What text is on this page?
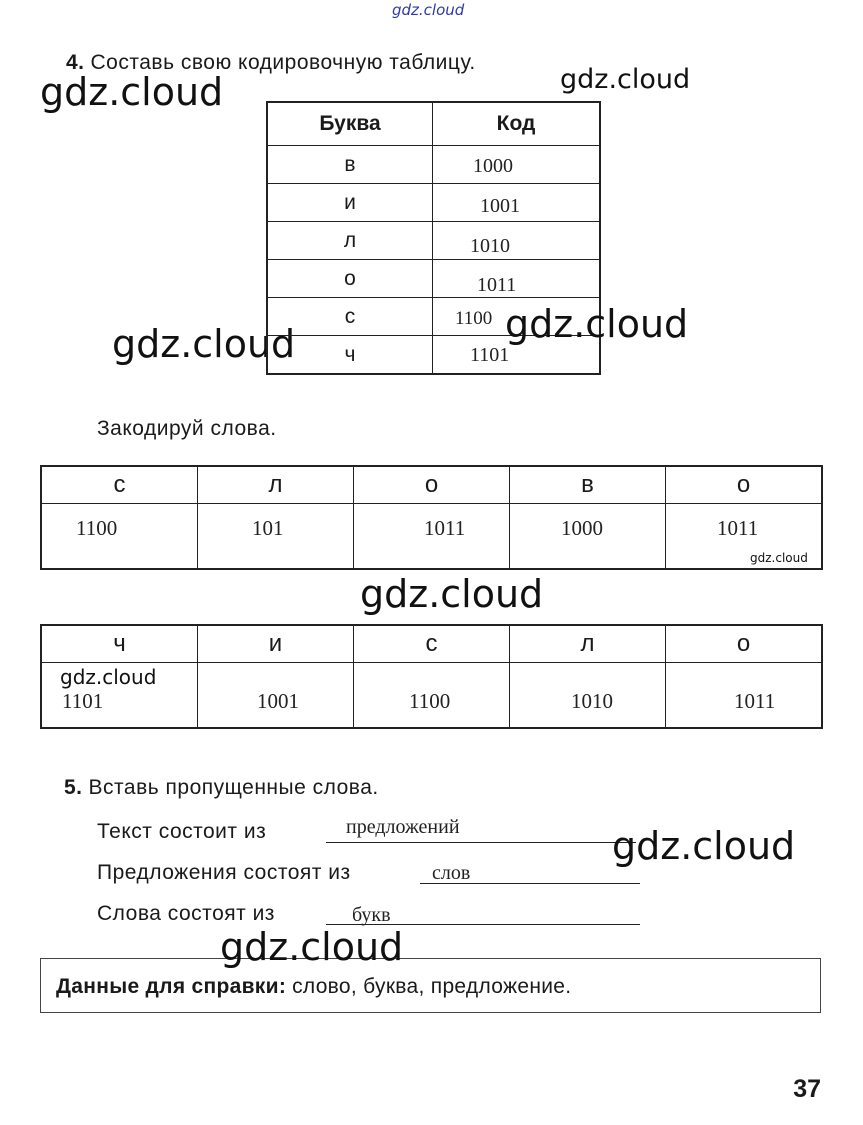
gdz.cloud
gdz.cloud	gdz.cloud
gdz.cloud
4. Составь свою кодировочную таблицу.
Буква	Код
в	1000

и	1001

л	1010

о	1011

с	1100

ч	1101
gdz.cloud
Закодируй слова.
с	л	о	в	о

1100	101	1011	1000	1011
gdz.cloud
gdz.cloud
ч	и	с	л	о

gdz.cloud
1101	1001	1100	1010	1011
5. Вставь пропущенные слова.
Текст состоит из	предложений
Предложения состоят из	слов
Слова состоят из	букв
gdz.cloud
Данные для справки: слово, буква, предложение.
gdz.cloud
37
